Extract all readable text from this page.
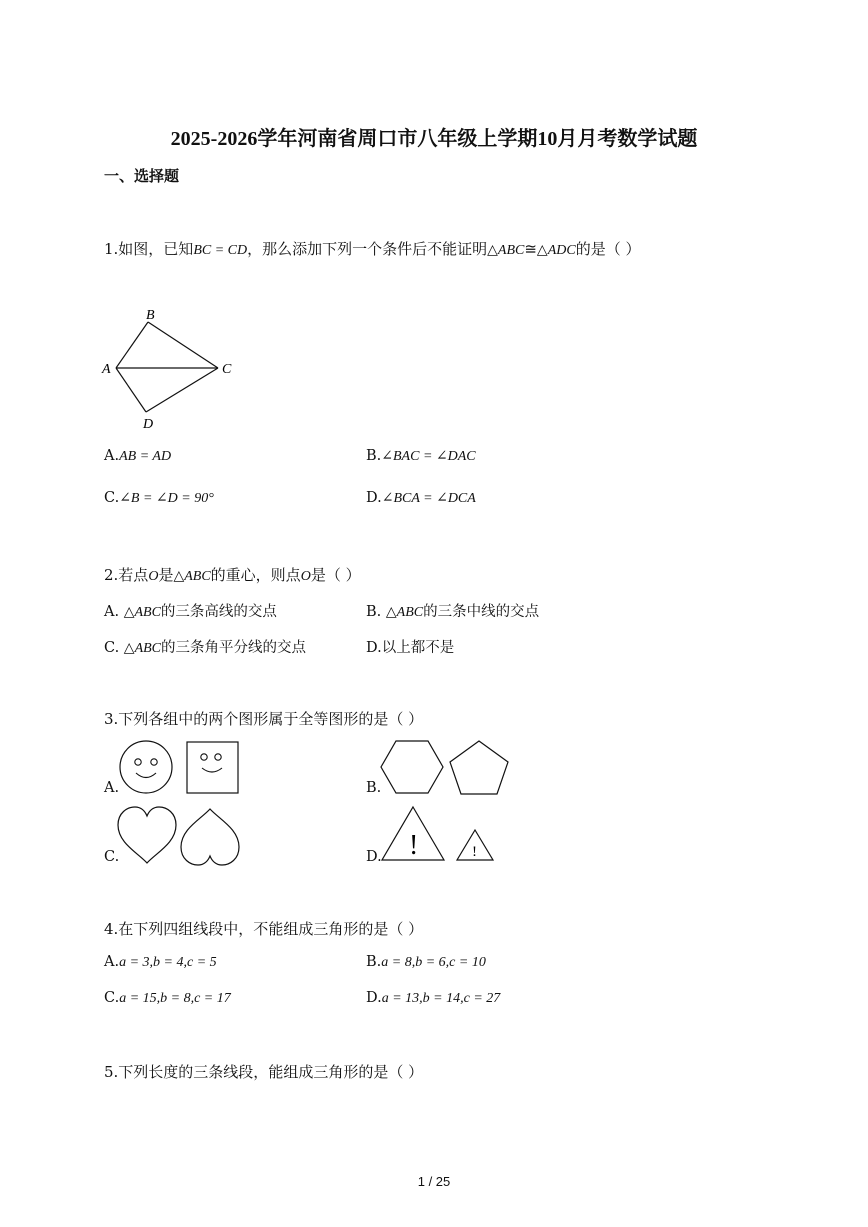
2025-2026学年河南省周口市八年级上学期10月月考数学试题
一、选择题
1.如图，已知BC = CD，那么添加下列一个条件后不能证明△ABC≅△ADC的是（ ）
B
A	C
D
A.AB = AD	B.∠BAC = ∠DAC
C.∠B = ∠D = 90°	D.∠BCA = ∠DCA
2.若点O是△ABC的重心，则点O是（ ）
A. △ABC的三条高线的交点	B. △ABC的三条中线的交点
C. △ABC的三条角平分线的交点	D.以上都不是
3.下列各组中的两个图形属于全等图形的是（ ）
A.	B.
C.	D. !	!
4.在下列四组线段中，不能组成三角形的是（ ）
A.a = 3,b = 4,c = 5	B.a = 8,b = 6,c = 10
C.a = 15,b = 8,c = 17	D.a = 13,b = 14,c = 27
5.下列长度的三条线段，能组成三角形的是（ ）
1 / 25
